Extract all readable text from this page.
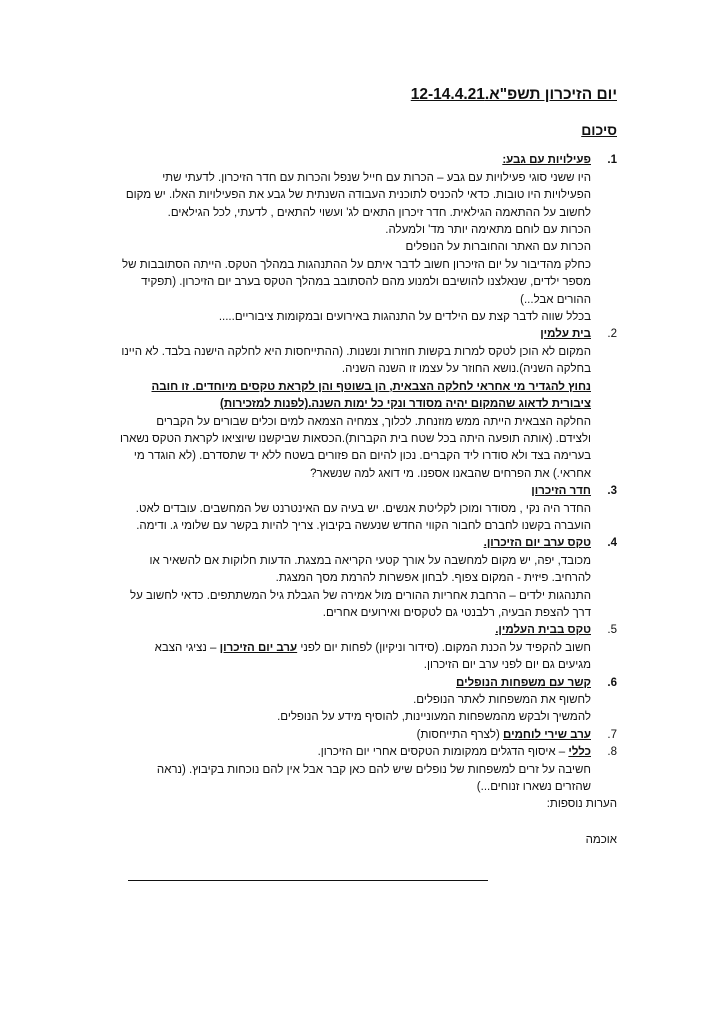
יום הזיכרון תשפ"א.12-14.4.21
סיכום
1.
פעילויות עם גבע:
היו ששני סוגי פעילויות עם גבע – הכרות עם חייל שנפל והכרות עם חדר הזיכרון. לדעתי שתי הפעילויות היו טובות. כדאי להכניס לתוכנית העבודה השנתית של גבע את הפעילויות האלו. יש מקום לחשוב על ההתאמה הגילאית. חדר זיכרון התאים לג' ועשוי להתאים , לדעתי, לכל הגילאים.
הכרות עם לוחם מתאימה יותר מד' ולמעלה.
הכרות עם האתר והחוברות על הנופלים
כחלק מהדיבור על יום הזיכרון חשוב לדבר איתם על ההתנהגות במהלך הטקס. הייתה הסתובבות של מספר ילדים, שנאלצנו להושיבם ולמנוע מהם להסתובב במהלך הטקס בערב יום הזיכרון. (תפקיד ההורים אבל...)
בכלל שווה לדבר קצת עם הילדים על התנהגות באירועים ובמקומות ציבוריים.....
2.
בית עלמין
המקום לא הוכן לטקס למרות בקשות חוזרות ונשנות. (ההתייחסות היא לחלקה הישנה בלבד. לא היינו בחלקה השניה).נושא החוזר על עצמו זו השנה השניה.
נחוץ להגדיר מי אחראי לחלקה הצבאית, הן בשוטף והן לקראת טקסים מיוחדים. זו חובה ציבורית לדאוג שהמקום יהיה מסודר ונקי כל ימות השנה.(לפנות למזכירות)
החלקה הצבאית הייתה ממש מוזנחת. לכלוך, צמחיה הצמאה למים וכלים שבורים על הקברים ולצידם. (אותה תופעה היתה בכל שטח בית הקברות).הכסאות שביקשנו שיוציאו לקראת הטקס נשארו בערימה בצד ולא סודרו ליד הקברים. נכון להיום הם פזורים בשטח ללא יד שתסדרם. (לא הוגדר מי אחראי.) את הפרחים שהבאנו אספנו. מי דואג למה שנשאר?
3.
חדר הזיכרון
החדר היה נקי , מסודר ומוכן לקליטת אנשים. יש בעיה עם האינטרנט של המחשבים. עובדים לאט. הועברה בקשנו לחברם לחבור הקווי החדש שנעשה בקיבוץ. צריך להיות בקשר עם שלומי ג. ודימה.
4.
טקס ערב יום הזיכרון.
מכובד, יפה, יש מקום למחשבה על אורך קטעי הקריאה במצגת. הדעות חלוקות אם להשאיר או להרחיב. פיזית - המקום צפוף. לבחון אפשרות להרמת מסך המצגת.
התנהגות ילדים – הרחבת אחריות ההורים מול אמירה של הגבלת גיל המשתתפים. כדאי לחשוב על דרך להצפת הבעיה, רלבנטי גם לטקסים ואירועים אחרים.
5.
טקס בבית העלמין.
חשוב להקפיד על הכנת המקום. (סידור וניקיון) לפחות יום לפני ערב יום הזיכרון – נציגי הצבא מגיעים גם יום לפני ערב יום הזיכרון.
6.
קשר עם משפחות הנופלים
לחשוף את המשפחות לאתר הנופלים.
להמשיך ולבקש מהמשפחות המעוניינות, להוסיף מידע על הנופלים.
7.
ערב שירי לוחמים (לצרף התייחסות)
8.
כללי – איסוף הדגלים ממקומות הטקסים אחרי יום הזיכרון.
חשיבה על זרים למשפחות של נופלים שיש להם כאן קבר אבל אין להם נוכחות בקיבוץ. (נראה שהזרים נשארו זנוחים...)
הערות נוספות:
אוכמה
